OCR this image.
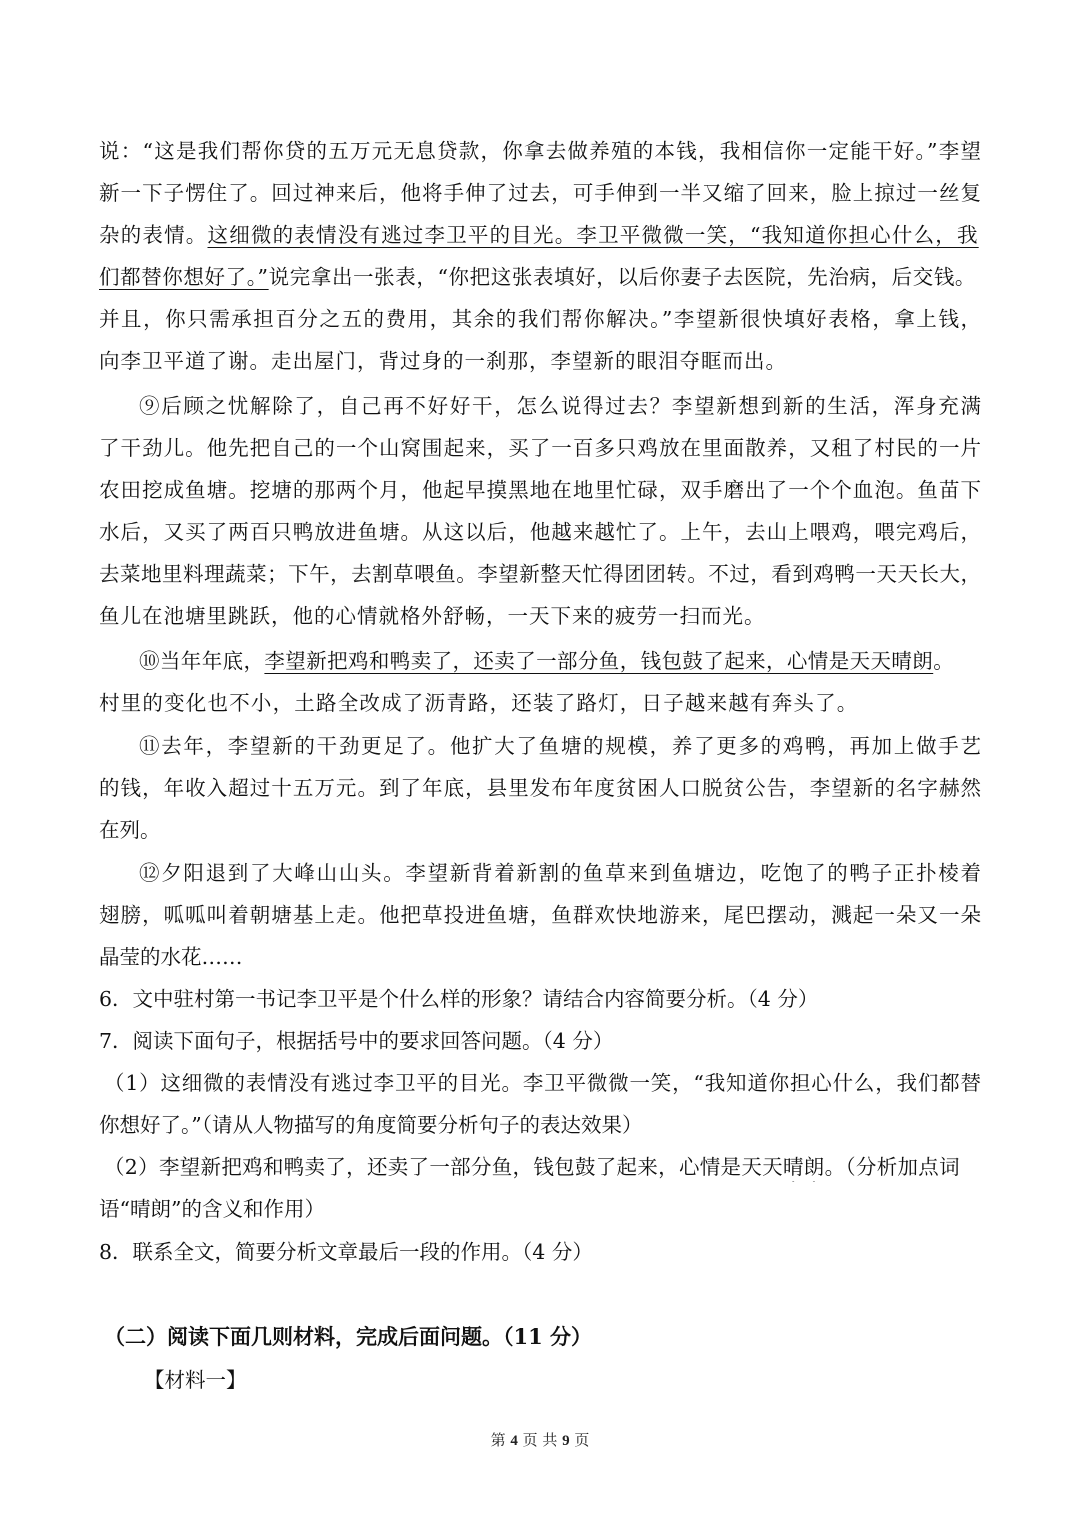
说：“这是我们帮你贷的五万元无息贷款，你拿去做养殖的本钱，我相信你一定能干好。”李望
新一下子愣住了。回过神来后，他将手伸了过去，可手伸到一半又缩了回来，脸上掠过一丝复
杂的表情。这细微的表情没有逃过李卫平的目光。李卫平微微一笑，“我知道你担心什么，我
们都替你想好了。”说完拿出一张表，“你把这张表填好，以后你妻子去医院，先治病，后交钱。
并且，你只需承担百分之五的费用，其余的我们帮你解决。”李望新很快填好表格，拿上钱，
向李卫平道了谢。走出屋门，背过身的一刹那，李望新的眼泪夺眶而出。
⑨后顾之忧解除了，自己再不好好干，怎么说得过去？李望新想到新的生活，浑身充满
了干劲儿。他先把自己的一个山窝围起来，买了一百多只鸡放在里面散养，又租了村民的一片
农田挖成鱼塘。挖塘的那两个月，他起早摸黑地在地里忙碌，双手磨出了一个个血泡。鱼苗下
水后，又买了两百只鸭放进鱼塘。从这以后，他越来越忙了。上午，去山上喂鸡，喂完鸡后，
去菜地里料理蔬菜；下午，去割草喂鱼。李望新整天忙得团团转。不过，看到鸡鸭一天天长大，
鱼儿在池塘里跳跃，他的心情就格外舒畅，一天下来的疲劳一扫而光。
⑩当年年底，李望新把鸡和鸭卖了，还卖了一部分鱼，钱包鼓了起来，心情是天天晴朗。
村里的变化也不小，土路全改成了沥青路，还装了路灯，日子越来越有奔头了。
⑪去年，李望新的干劲更足了。他扩大了鱼塘的规模，养了更多的鸡鸭，再加上做手艺
的钱，年收入超过十五万元。到了年底，县里发布年度贫困人口脱贫公告，李望新的名字赫然
在列。
⑫夕阳退到了大峰山山头。李望新背着新割的鱼草来到鱼塘边，吃饱了的鸭子正扑棱着
翅膀，呱呱叫着朝塘基上走。他把草投进鱼塘，鱼群欢快地游来，尾巴摆动，溅起一朵又一朵
晶莹的水花……
6．文中驻村第一书记李卫平是个什么样的形象？请结合内容简要分析。（4 分）
7．阅读下面句子，根据括号中的要求回答问题。（4 分）
（1）这细微的表情没有逃过李卫平的目光。李卫平微微一笑，“我知道你担心什么，我们都替
你想好了。”（请从人物描写的角度简要分析句子的表达效果）
（2）李望新把鸡和鸭卖了，还卖了一部分鱼，钱包鼓了起来，心情是天天晴朗。（分析加点词
语“晴朗”的含义和作用）
8．联系全文，简要分析文章最后一段的作用。（4 分）
（二）阅读下面几则材料，完成后面问题。（11 分）
【材料一】
第 4 页 共 9 页
